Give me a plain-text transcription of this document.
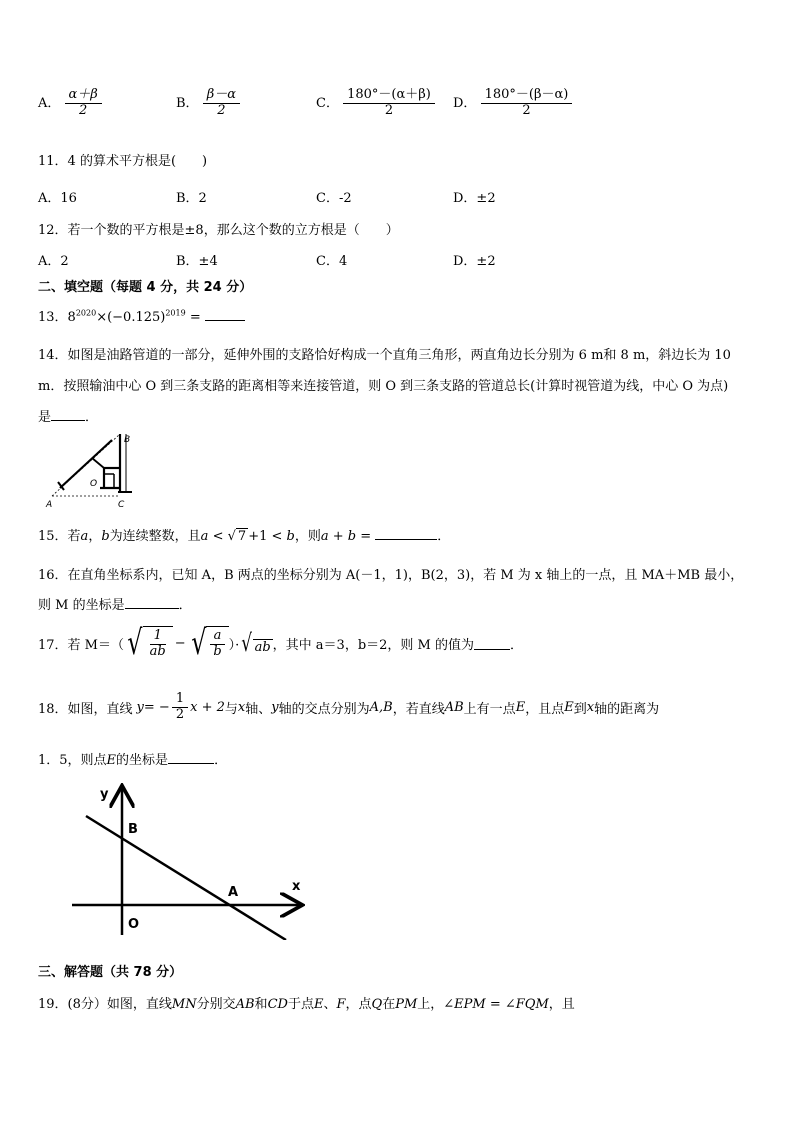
A． $\frac{\alpha+\beta}{2}$	B． $\frac{\beta-\alpha}{2}$	C． $\frac{180^\circ-(\alpha+\beta)}{2}$ D． $\frac{180^\circ-(\beta-\alpha)}{2}$
11．4 的算术平方根是(　　)
A．16	B．2	C．-2	D．±2
12．若一个数的平方根是±8，那么这个数的立方根是（　　）
A．2	B．±4	C．4	D．±2
二、填空题（每题 4 分，共 24 分）
13．$8^{2020}\times(-0.125)^{2019}$ =
14．如图是油路管道的一部分，延伸外围的支路恰好构成一个直角三角形，两直角边长分别为 6 m和 8 m，斜边长为 10
m．按照输油中心 O 到三条支路的距离相等来连接管道，则 O 到三条支路的管道总长(计算时视管道为线，中心 O 为点)
是	．
B
O
A	C
15．若a，b为连续整数，且a < √ 7 +1 < b，则a + b =	．
16．在直角坐标系内，已知 A，B 两点的坐标分别为 A(－1，1)，B(2，3)，若 M 为 x 轴上的一点，且 MA＋MB 最小，
则 M 的坐标是	．
17．若 M＝（ √ $\frac{1}{ab}$ − √ $\frac{a}{b}$ ）· √ ab ，其中 a＝3，b＝2，则 M 的值为	．
18．如图，直线 y = − $\frac{1}{2}$ x + 2 与 x 轴、 y 轴的交点分别为 A,B ，若直线 AB 上有一点 E ，且点 E 到 x 轴的距离为
1．5，则点E的坐标是	．
y
x
B
A
O
三、解答题（共 78 分）
19．(8分）如图，直线MN分别交AB和CD于点E、F，点Q在PM上，∠EPM = ∠FQM，且
